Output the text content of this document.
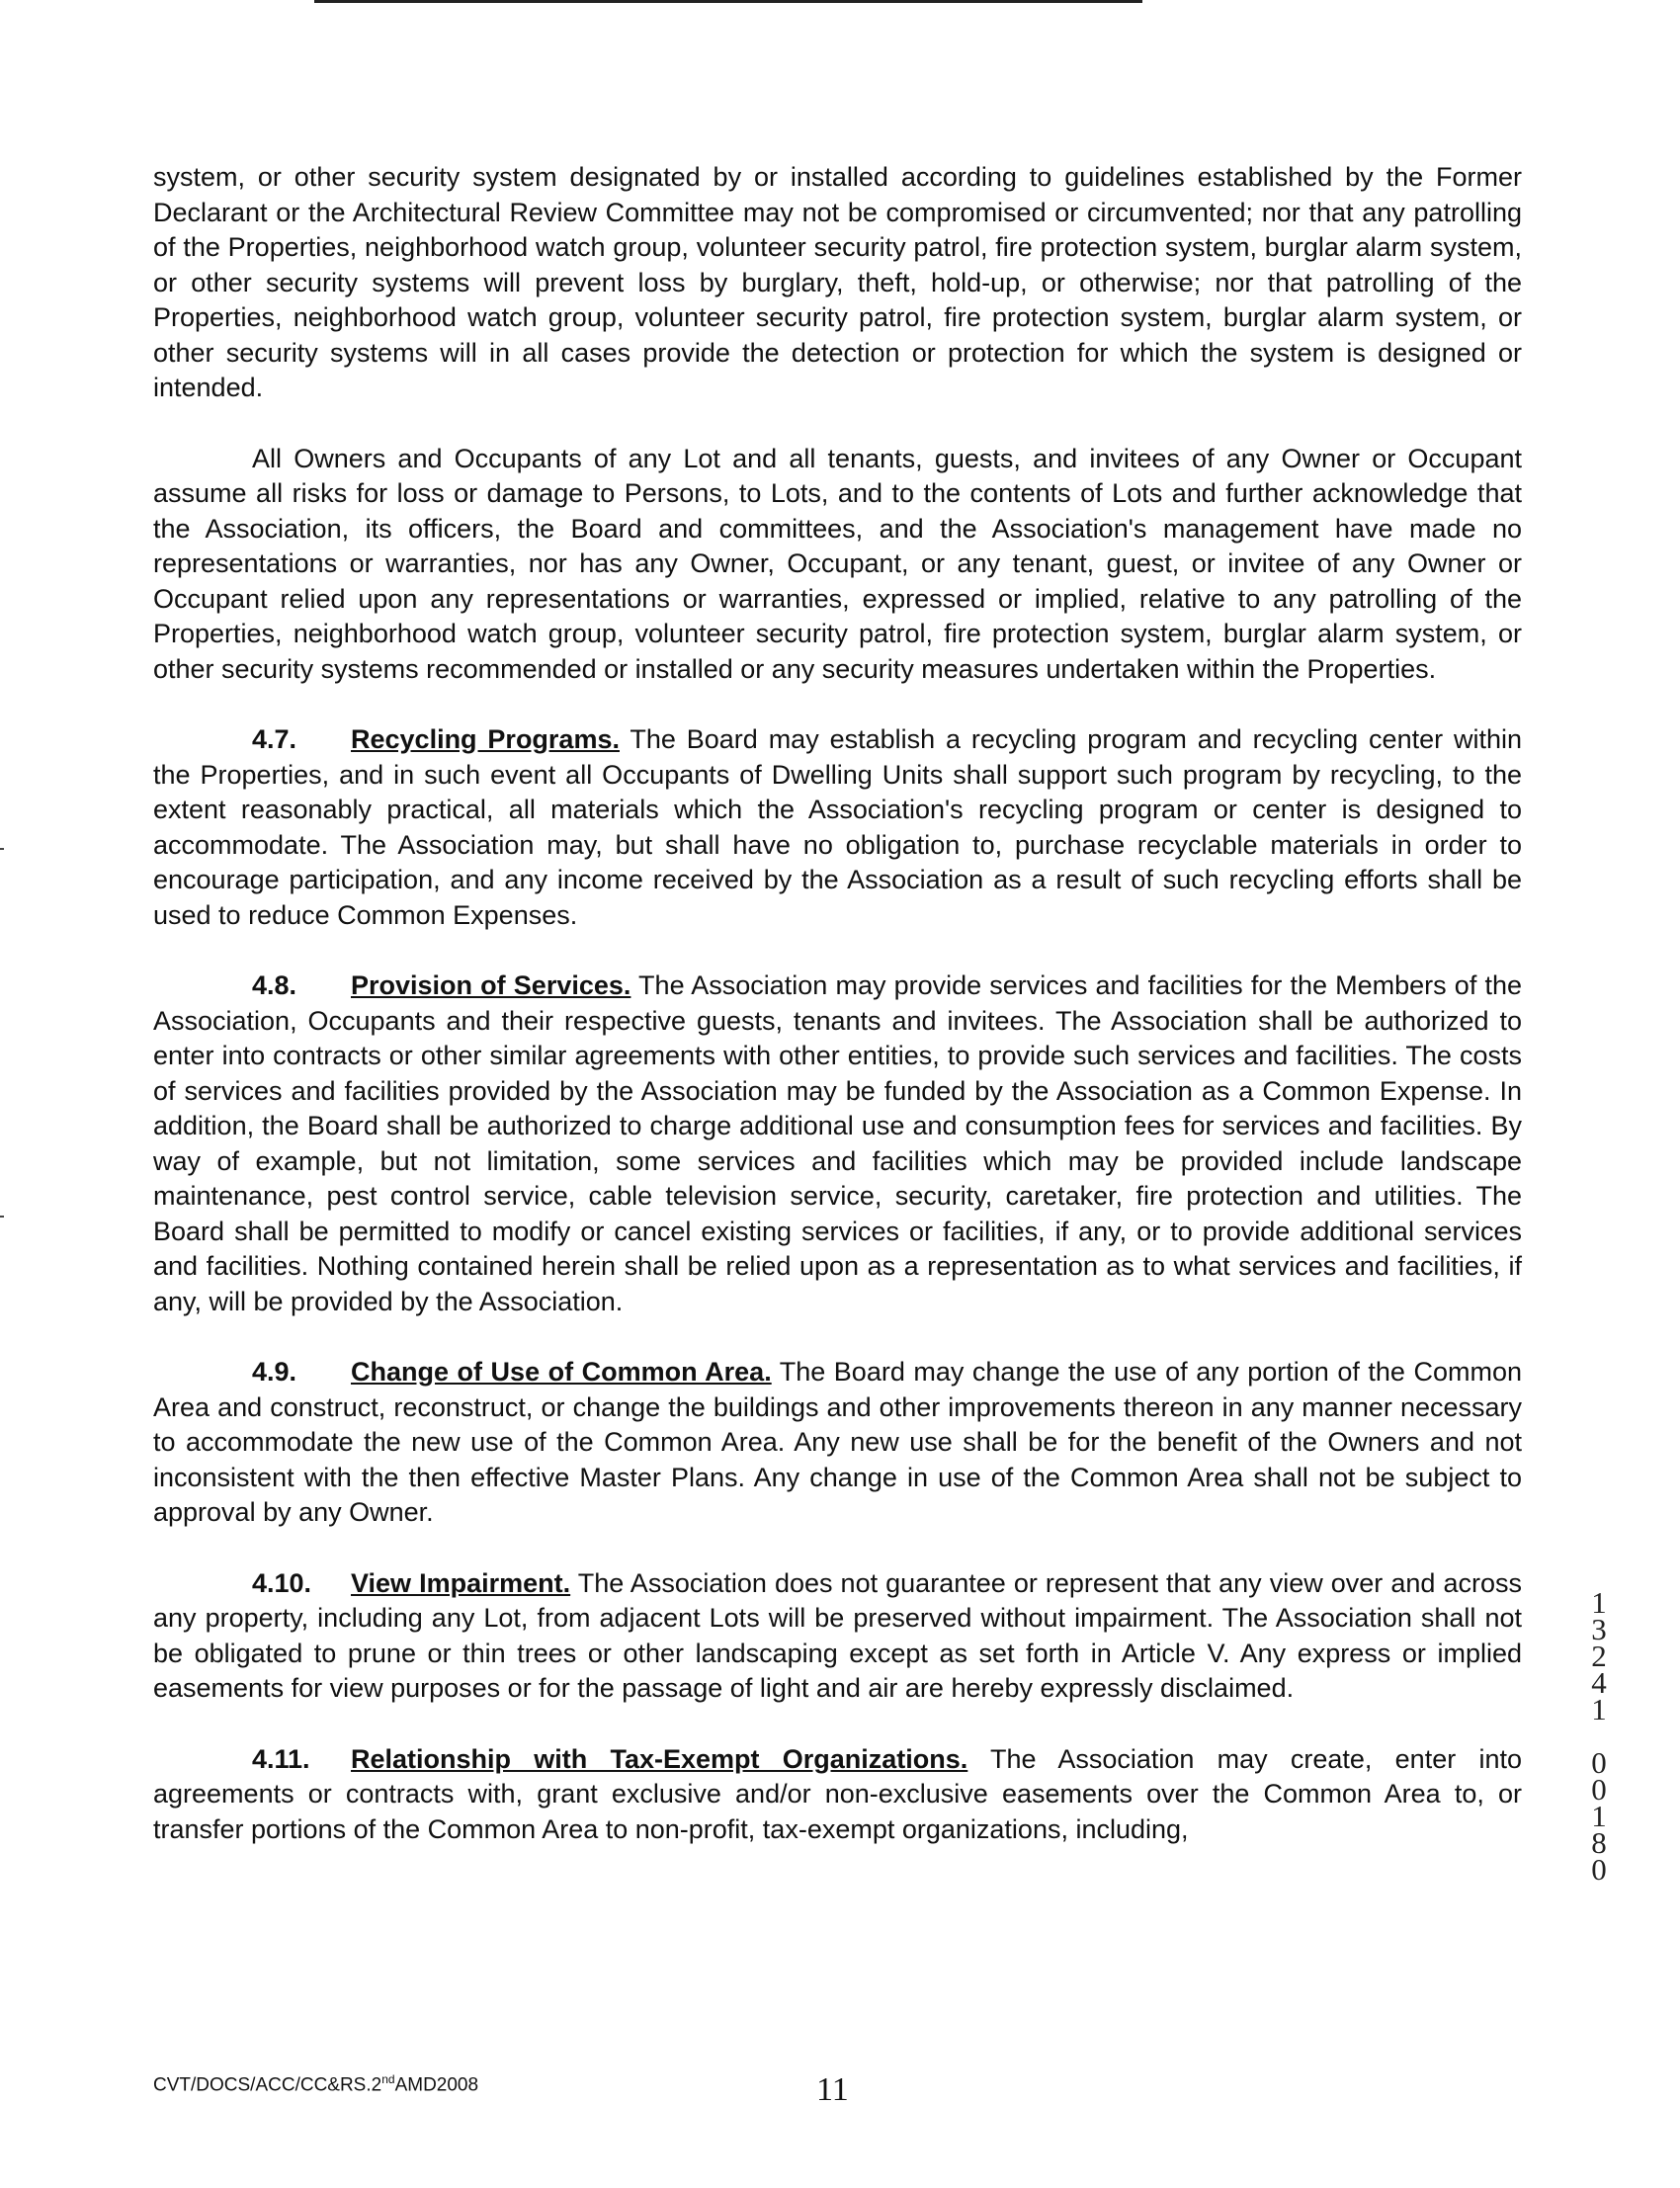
system, or other security system designated by or installed according to guidelines established by the Former Declarant or the Architectural Review Committee may not be compromised or circumvented; nor that any patrolling of the Properties, neighborhood watch group, volunteer security patrol, fire protection system, burglar alarm system, or other security systems will prevent loss by burglary, theft, hold-up, or otherwise; nor that patrolling of the Properties, neighborhood watch group, volunteer security patrol, fire protection system, burglar alarm system, or other security systems will in all cases provide the detection or protection for which the system is designed or intended.

All Owners and Occupants of any Lot and all tenants, guests, and invitees of any Owner or Occupant assume all risks for loss or damage to Persons, to Lots, and to the contents of Lots and further acknowledge that the Association, its officers, the Board and committees, and the Association's management have made no representations or warranties, nor has any Owner, Occupant, or any tenant, guest, or invitee of any Owner or Occupant relied upon any representations or warranties, expressed or implied, relative to any patrolling of the Properties, neighborhood watch group, volunteer security patrol, fire protection system, burglar alarm system, or other security systems recommended or installed or any security measures undertaken within the Properties.

4.7. Recycling Programs. The Board may establish a recycling program and recycling center within the Properties, and in such event all Occupants of Dwelling Units shall support such program by recycling, to the extent reasonably practical, all materials which the Association's recycling program or center is designed to accommodate. The Association may, but shall have no obligation to, purchase recyclable materials in order to encourage participation, and any income received by the Association as a result of such recycling efforts shall be used to reduce Common Expenses.

4.8. Provision of Services. The Association may provide services and facilities for the Members of the Association, Occupants and their respective guests, tenants and invitees. The Association shall be authorized to enter into contracts or other similar agreements with other entities, to provide such services and facilities. The costs of services and facilities provided by the Association may be funded by the Association as a Common Expense. In addition, the Board shall be authorized to charge additional use and consumption fees for services and facilities. By way of example, but not limitation, some services and facilities which may be provided include landscape maintenance, pest control service, cable television service, security, caretaker, fire protection and utilities. The Board shall be permitted to modify or cancel existing services or facilities, if any, or to provide additional services and facilities. Nothing contained herein shall be relied upon as a representation as to what services and facilities, if any, will be provided by the Association.

4.9. Change of Use of Common Area. The Board may change the use of any portion of the Common Area and construct, reconstruct, or change the buildings and other improvements thereon in any manner necessary to accommodate the new use of the Common Area. Any new use shall be for the benefit of the Owners and not inconsistent with the then effective Master Plans. Any change in use of the Common Area shall not be subject to approval by any Owner.

4.10. View Impairment. The Association does not guarantee or represent that any view over and across any property, including any Lot, from adjacent Lots will be preserved without impairment. The Association shall not be obligated to prune or thin trees or other landscaping except as set forth in Article V. Any express or implied easements for view purposes or for the passage of light and air are hereby expressly disclaimed.

4.11. Relationship with Tax-Exempt Organizations. The Association may create, enter into agreements or contracts with, grant exclusive and/or non-exclusive easements over the Common Area to, or transfer portions of the Common Area to non-profit, tax-exempt organizations, including,

1
3
2
4
1

0
0
1
8
0
CVT/DOCS/ACC/CC&RS.2ndAMD2008	11
